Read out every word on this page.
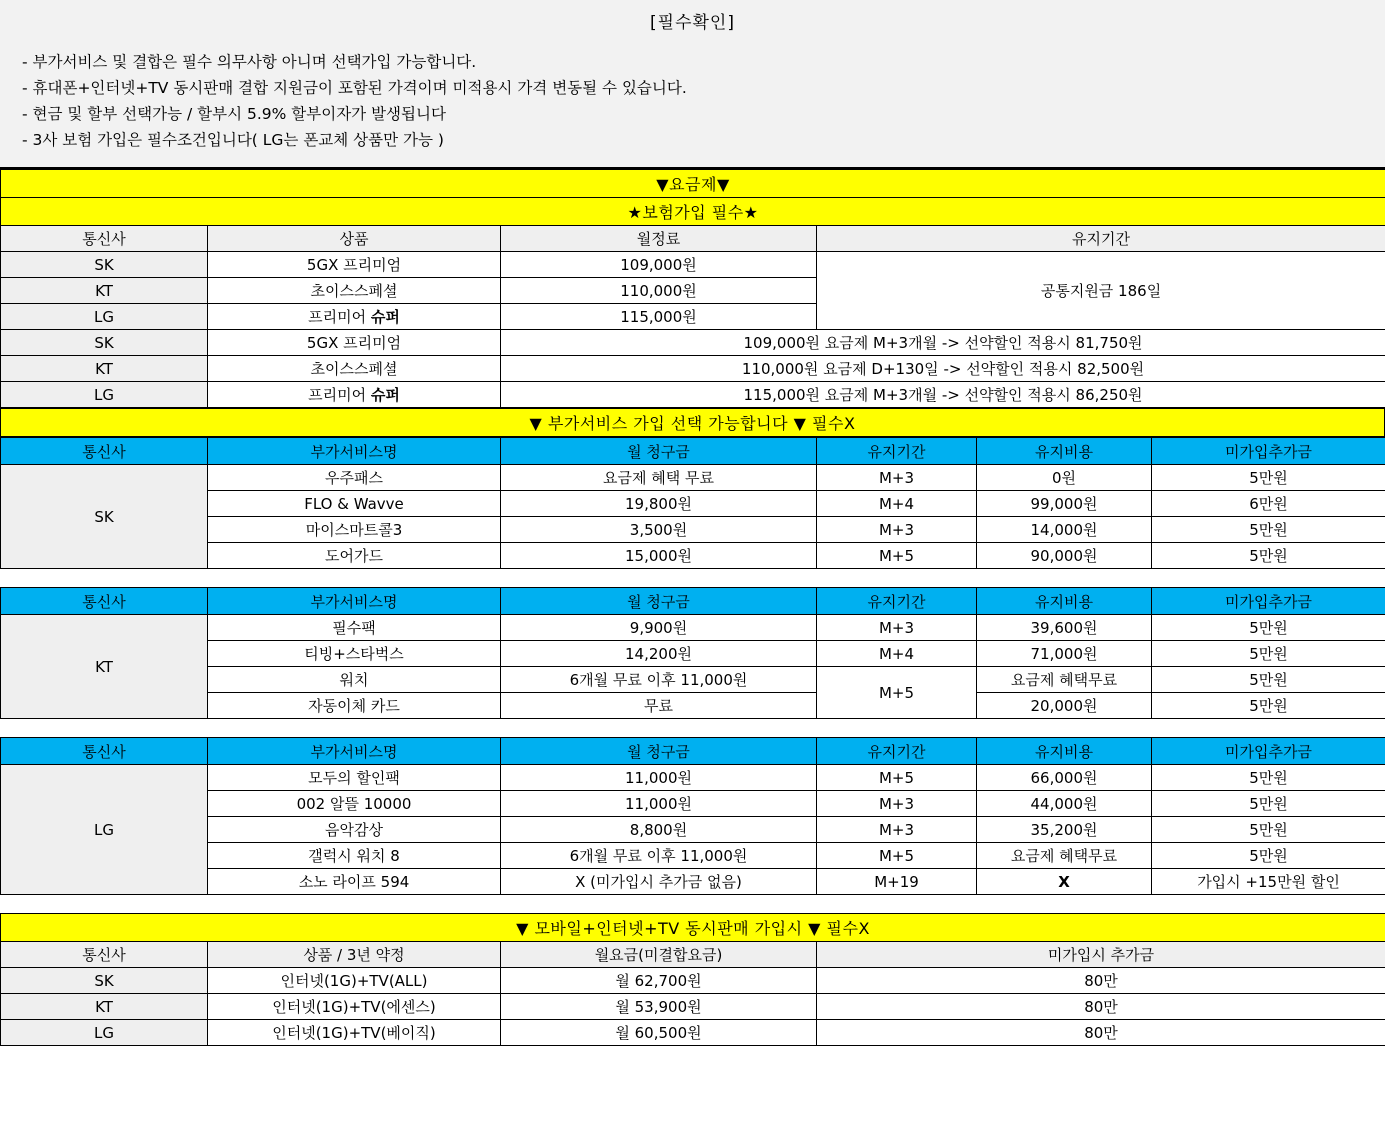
[필수확인]
- 부가서비스 및 결합은 필수 의무사항 아니며 선택가입 가능합니다.
- 휴대폰+인터넷+TV 동시판매 결합 지원금이 포함된 가격이며 미적용시 가격 변동될 수 있습니다.
- 현금 및 할부 선택가능 / 할부시 5.9% 할부이자가 발생됩니다
- 3사 보험 가입은 필수조건입니다( LG는 폰교체 상품만 가능 )
▼요금제▼			
★보험가입 필수★			
통신사	상품	월정료	유지기간
SK	5GX 프리미엄	109,000원	공통지원금 186일
KT	초이스스페셜	110,000원	
LG	프리미어 슈퍼	115,000원	
SK	5GX 프리미엄	109,000원 요금제 M+3개월 -> 선약할인 적용시 81,750원	
KT	초이스스페셜	110,000원 요금제 D+130일 -> 선약할인 적용시 82,500원	
LG	프리미어 슈퍼	115,000원 요금제 M+3개월 -> 선약할인 적용시 86,250원	
▼ 부가서비스 가입 선택 가능합니다 ▼ 필수X
통신사	부가서비스명	월 청구금	유지기간	유지비용	미가입추가금
SK	우주패스	요금제 혜택 무료	M+3	0원	5만원
	FLO & Wavve	19,800원	M+4	99,000원	6만원
	마이스마트콜3	3,500원	M+3	14,000원	5만원
	도어가드	15,000원	M+5	90,000원	5만원
통신사	부가서비스명	월 청구금	유지기간	유지비용	미가입추가금
KT	필수팩	9,900원	M+3	39,600원	5만원
	티빙+스타벅스	14,200원	M+4	71,000원	5만원
	워치	6개월 무료 이후 11,000원	M+5	요금제 혜택무료	5만원
	자동이체 카드	무료		20,000원	5만원
통신사	부가서비스명	월 청구금	유지기간	유지비용	미가입추가금
LG	모두의 할인팩	11,000원	M+5	66,000원	5만원
	002 알뜰 10000	11,000원	M+3	44,000원	5만원
	음악감상	8,800원	M+3	35,200원	5만원
	갤럭시 워치 8	6개월 무료 이후 11,000원	M+5	요금제 혜택무료	5만원
	소노 라이프 594	X (미가입시 추가금 없음)	M+19	X	가입시 +15만원 할인
▼ 모바일+인터넷+TV 동시판매 가입시 ▼ 필수X			
통신사	상품 / 3년 약정	월요금(미결합요금)	미가입시 추가금
SK	인터넷(1G)+TV(ALL)	월 62,700원	80만
KT	인터넷(1G)+TV(에센스)	월 53,900원	80만
LG	인터넷(1G)+TV(베이직)	월 60,500원	80만
